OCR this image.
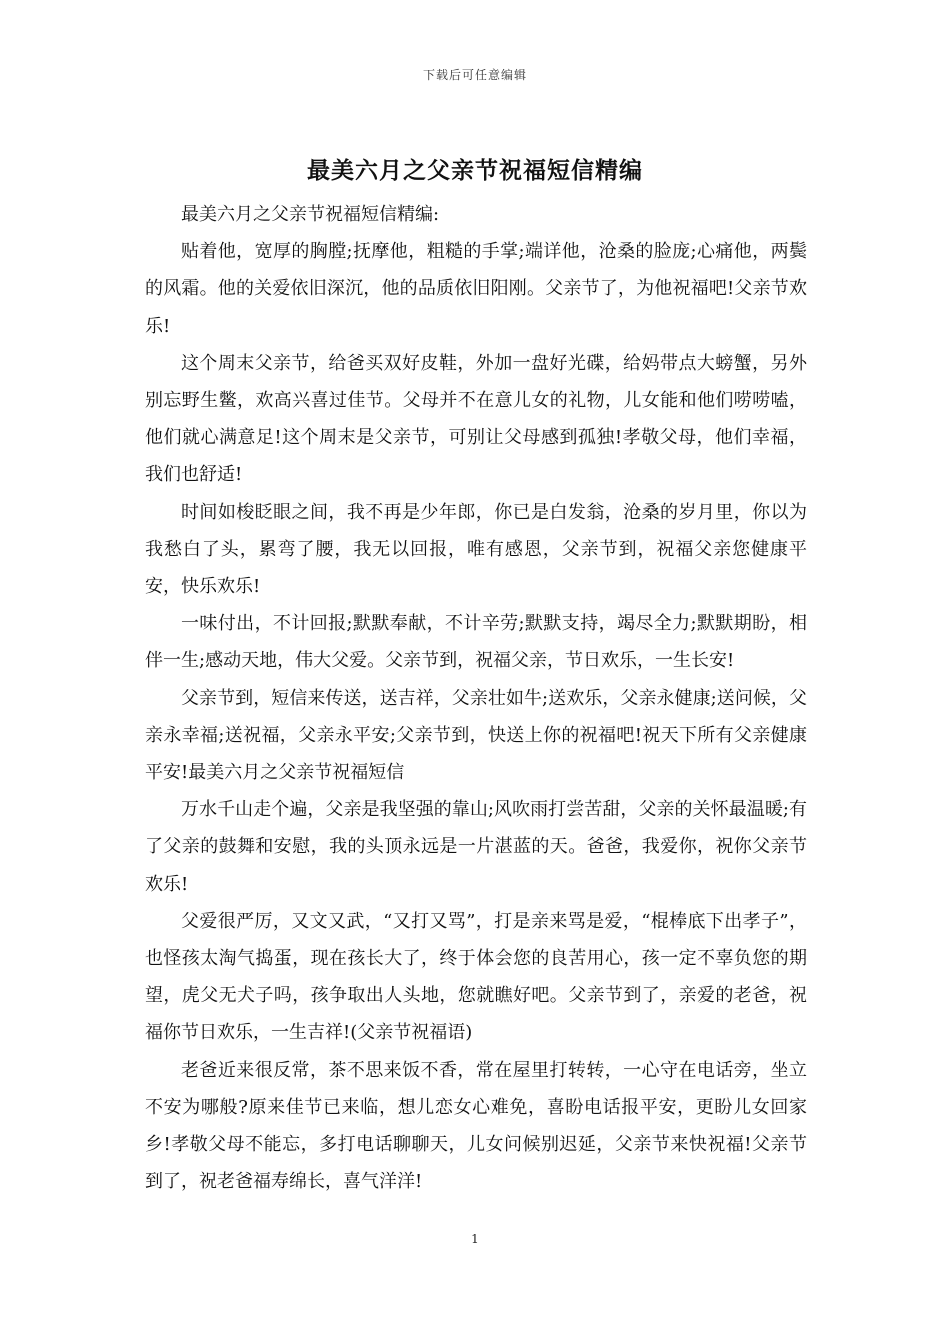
下载后可任意编辑
最美六月之父亲节祝福短信精编

最美六月之父亲节祝福短信精编:

贴着他，宽厚的胸膛;抚摩他，粗糙的手掌;端详他，沧桑的脸庞;心痛他，两鬓的风霜。他的关爱依旧深沉，他的品质依旧阳刚。父亲节了，为他祝福吧!父亲节欢乐!

这个周末父亲节，给爸买双好皮鞋，外加一盘好光碟，给妈带点大螃蟹，另外别忘野生鳖，欢高兴喜过佳节。父母并不在意儿女的礼物，儿女能和他们唠唠嗑，他们就心满意足!这个周末是父亲节，可别让父母感到孤独!孝敬父母，他们幸福，我们也舒适!

时间如梭眨眼之间，我不再是少年郎，你已是白发翁，沧桑的岁月里，你以为我愁白了头，累弯了腰，我无以回报，唯有感恩，父亲节到，祝福父亲您健康平安，快乐欢乐!

一味付出，不计回报;默默奉献，不计辛劳;默默支持，竭尽全力;默默期盼，相伴一生;感动天地，伟大父爱。父亲节到，祝福父亲，节日欢乐，一生长安!

父亲节到，短信来传送，送吉祥，父亲壮如牛;送欢乐，父亲永健康;送问候，父亲永幸福;送祝福，父亲永平安;父亲节到，快送上你的祝福吧!祝天下所有父亲健康平安!最美六月之父亲节祝福短信

万水千山走个遍，父亲是我坚强的靠山;风吹雨打尝苦甜，父亲的关怀最温暖;有了父亲的鼓舞和安慰，我的头顶永远是一片湛蓝的天。爸爸，我爱你，祝你父亲节欢乐!

父爱很严厉，又文又武，“又打又骂”，打是亲来骂是爱，“棍棒底下出孝子”，也怪孩太淘气捣蛋，现在孩长大了，终于体会您的良苦用心，孩一定不辜负您的期望，虎父无犬子吗，孩争取出人头地，您就瞧好吧。父亲节到了，亲爱的老爸，祝福你节日欢乐，一生吉祥!(父亲节祝福语)

老爸近来很反常，茶不思来饭不香，常在屋里打转转，一心守在电话旁，坐立不安为哪般?原来佳节已来临，想儿恋女心难免，喜盼电话报平安，更盼儿女回家乡!孝敬父母不能忘，多打电话聊聊天，儿女问候别迟延，父亲节来快祝福!父亲节到了，祝老爸福寿绵长，喜气洋洋!

1
